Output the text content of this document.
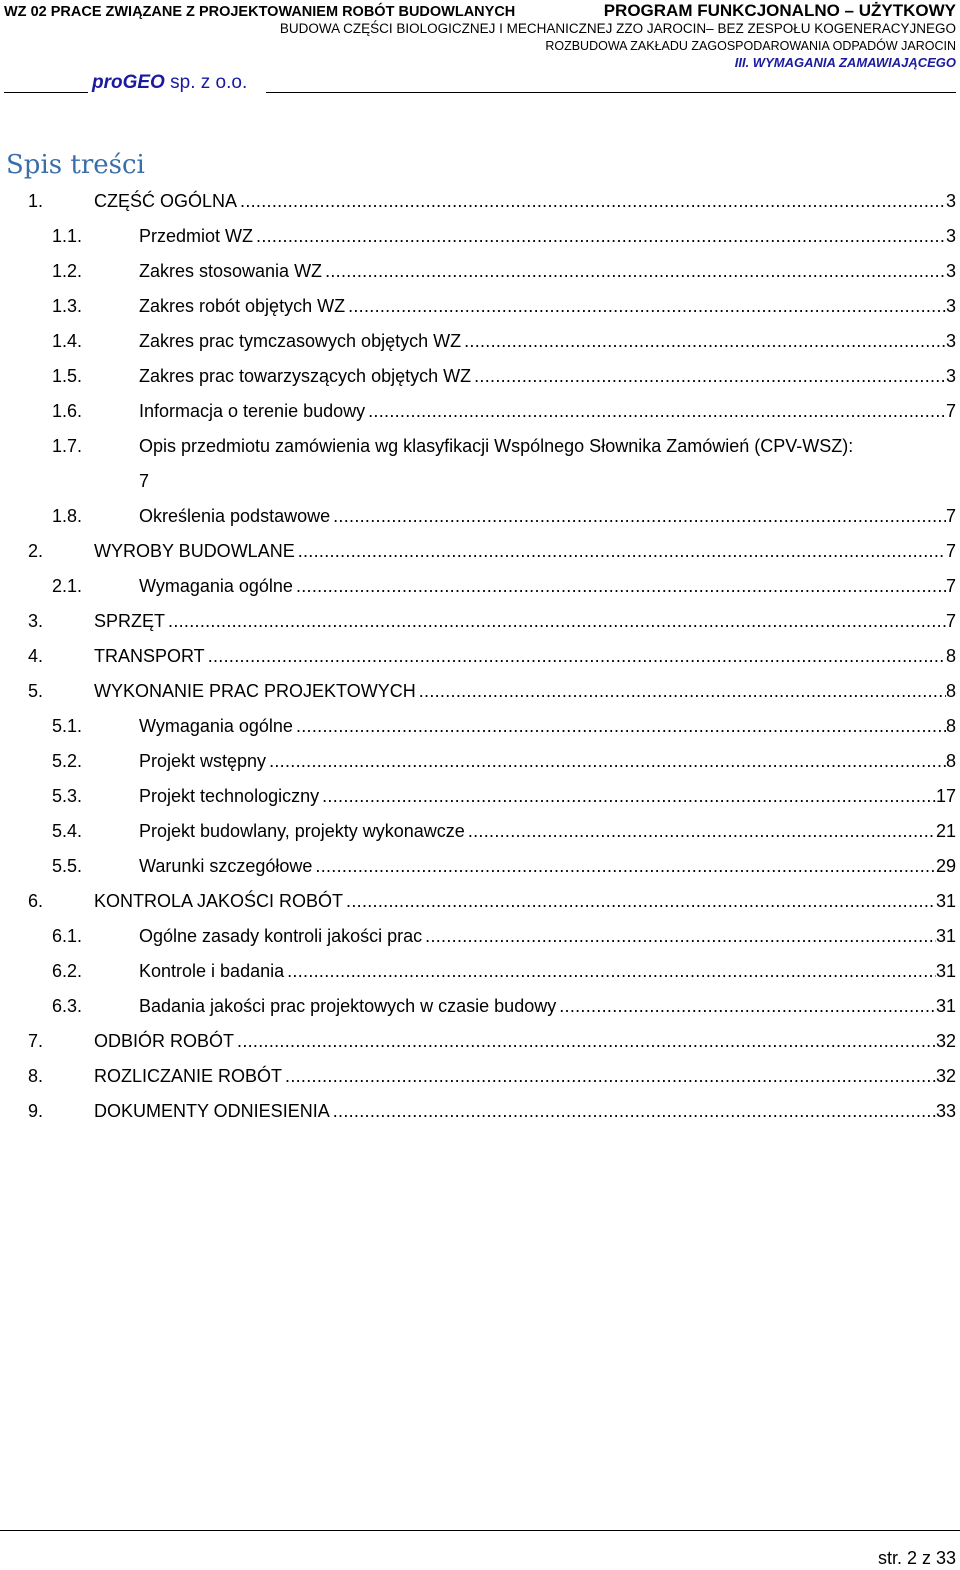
WZ 02 PRACE ZWIĄZANE Z PROJEKTOWANIEM ROBÓT BUDOWLANYCH	PROGRAM FUNKCJONALNO – UŻYTKOWY
BUDOWA CZĘŚCI BIOLOGICZNEJ I MECHANICZNEJ ZZO JAROCIN– BEZ ZESPOŁU KOGENERACYJNEGO
ROZBUDOWA ZAKŁADU ZAGOSPODAROWANIA ODPADÓW JAROCIN
III. WYMAGANIA ZAMAWIAJĄCEGO
proGEO sp. z o.o.
Spis treści
1.	CZĘŚĆ OGÓLNA .....	3
1.1.	Przedmiot WZ .....	3
1.2.	Zakres stosowania WZ .....	3
1.3.	Zakres robót objętych WZ .....	3
1.4.	Zakres prac tymczasowych objętych WZ .....	3
1.5.	Zakres prac towarzyszących objętych WZ .....	3
1.6.	Informacja o terenie budowy .....	7
1.7.	Opis przedmiotu zamówienia wg klasyfikacji Wspólnego Słownika Zamówień (CPV-WSZ):
7
1.8.	Określenia podstawowe .....	7
2.	WYROBY BUDOWLANE .....	7
2.1.	Wymagania ogólne .....	7
3.	SPRZĘT .....	7
4.	TRANSPORT .....	8
5.	WYKONANIE PRAC PROJEKTOWYCH .....	8
5.1.	Wymagania ogólne .....	8
5.2.	Projekt wstępny .....	8
5.3.	Projekt technologiczny .....	17
5.4.	Projekt budowlany, projekty wykonawcze .....	21
5.5.	Warunki szczegółowe .....	29
6.	KONTROLA JAKOŚCI ROBÓT .....	31
6.1.	Ogólne zasady kontroli jakości prac .....	31
6.2.	Kontrole i badania .....	31
6.3.	Badania jakości prac projektowych w czasie budowy .....	31
7.	ODBIÓR ROBÓT .....	32
8.	ROZLICZANIE ROBÓT .....	32
9.	DOKUMENTY ODNIESIENIA .....	33
str. 2 z 33
